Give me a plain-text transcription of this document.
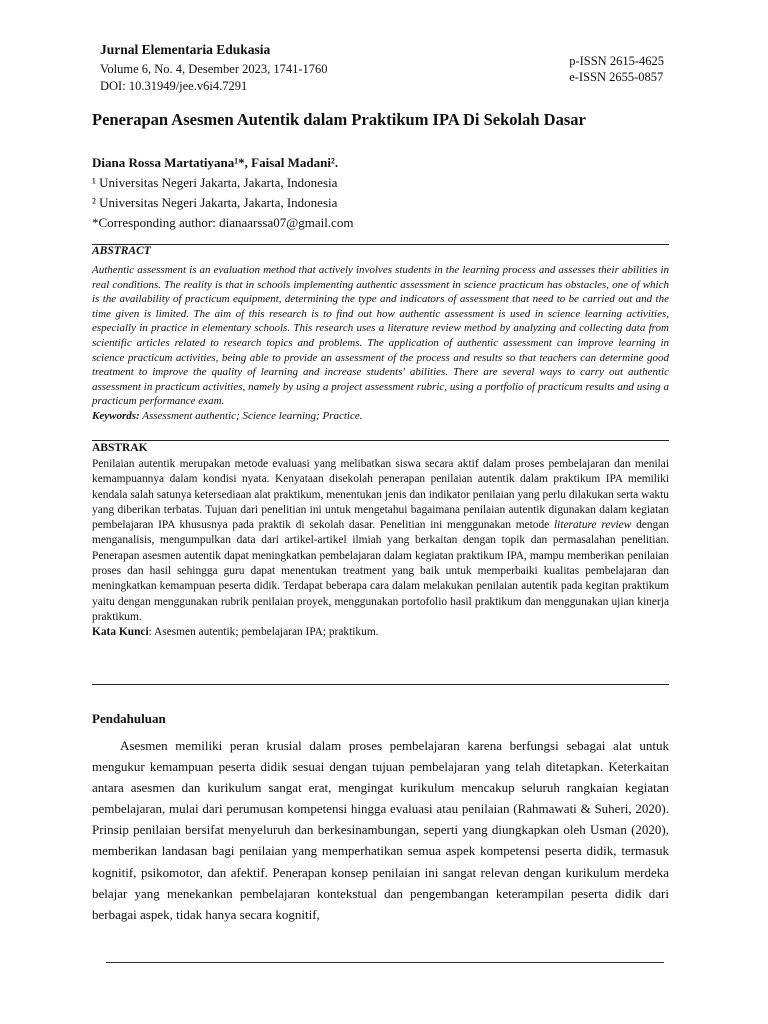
Jurnal Elementaria Edukasia
Volume 6, No. 4, Desember 2023, 1741-1760
DOI: 10.31949/jee.v6i4.7291
p-ISSN 2615-4625
e-ISSN 2655-0857
Penerapan Asesmen Autentik dalam Praktikum IPA Di Sekolah Dasar
Diana Rossa Martatiyana¹*, Faisal Madani².
¹ Universitas Negeri Jakarta, Jakarta, Indonesia
² Universitas Negeri Jakarta, Jakarta, Indonesia
*Corresponding author: dianaarssa07@gmail.com
ABSTRACT
Authentic assessment is an evaluation method that actively involves students in the learning process and assesses their abilities in real conditions. The reality is that in schools implementing authentic assessment in science practicum has obstacles, one of which is the availability of practicum equipment, determining the type and indicators of assessment that need to be carried out and the time given is limited. The aim of this research is to find out how authentic assessment is used in science learning activities, especially in practice in elementary schools. This research uses a literature review method by analyzing and collecting data from scientific articles related to research topics and problems. The application of authentic assessment can improve learning in science practicum activities, being able to provide an assessment of the process and results so that teachers can determine good treatment to improve the quality of learning and increase students' abilities. There are several ways to carry out authentic assessment in practicum activities, namely by using a project assessment rubric, using a portfolio of practicum results and using a practicum performance exam.
Keywords: Assessment authentic; Science learning; Practice.
ABSTRAK
Penilaian autentik merupakan metode evaluasi yang melibatkan siswa secara aktif dalam proses pembelajaran dan menilai kemampuannya dalam kondisi nyata. Kenyataan disekolah penerapan penilaian autentik dalam praktikum IPA memiliki kendala salah satunya ketersediaan alat praktikum, menentukan jenis dan indikator penilaian yang perlu dilakukan serta waktu yang diberikan terbatas. Tujuan dari penelitian ini untuk mengetahui bagaimana penilaian autentik digunakan dalam kegiatan pembelajaran IPA khususnya pada praktik di sekolah dasar. Penelitian ini menggunakan metode literature review dengan menganalisis, mengumpulkan data dari artikel-artikel ilmiah yang berkaitan dengan topik dan permasalahan penelitian. Penerapan asesmen autentik dapat meningkatkan pembelajaran dalam kegiatan praktikum IPA, mampu memberikan penilaian proses dan hasil sehingga guru dapat menentukan treatment yang baik untuk memperbaiki kualitas pembelajaran dan meningkatkan kemampuan peserta didik. Terdapat beberapa cara dalam melakukan penilaian autentik pada kegitan praktikum yaitu dengan menggunakan rubrik penilaian proyek, menggunakan portofolio hasil praktikum dan menggunakan ujian kinerja praktikum.
Kata Kunci: Asesmen autentik; pembelajaran IPA; praktikum.
Pendahuluan
Asesmen memiliki peran krusial dalam proses pembelajaran karena berfungsi sebagai alat untuk mengukur kemampuan peserta didik sesuai dengan tujuan pembelajaran yang telah ditetapkan. Keterkaitan antara asesmen dan kurikulum sangat erat, mengingat kurikulum mencakup seluruh rangkaian kegiatan pembelajaran, mulai dari perumusan kompetensi hingga evaluasi atau penilaian (Rahmawati & Suheri, 2020). Prinsip penilaian bersifat menyeluruh dan berkesinambungan, seperti yang diungkapkan oleh Usman (2020), memberikan landasan bagi penilaian yang memperhatikan semua aspek kompetensi peserta didik, termasuk kognitif, psikomotor, dan afektif. Penerapan konsep penilaian ini sangat relevan dengan kurikulum merdeka belajar yang menekankan pembelajaran kontekstual dan pengembangan keterampilan peserta didik dari berbagai aspek, tidak hanya secara kognitif,
